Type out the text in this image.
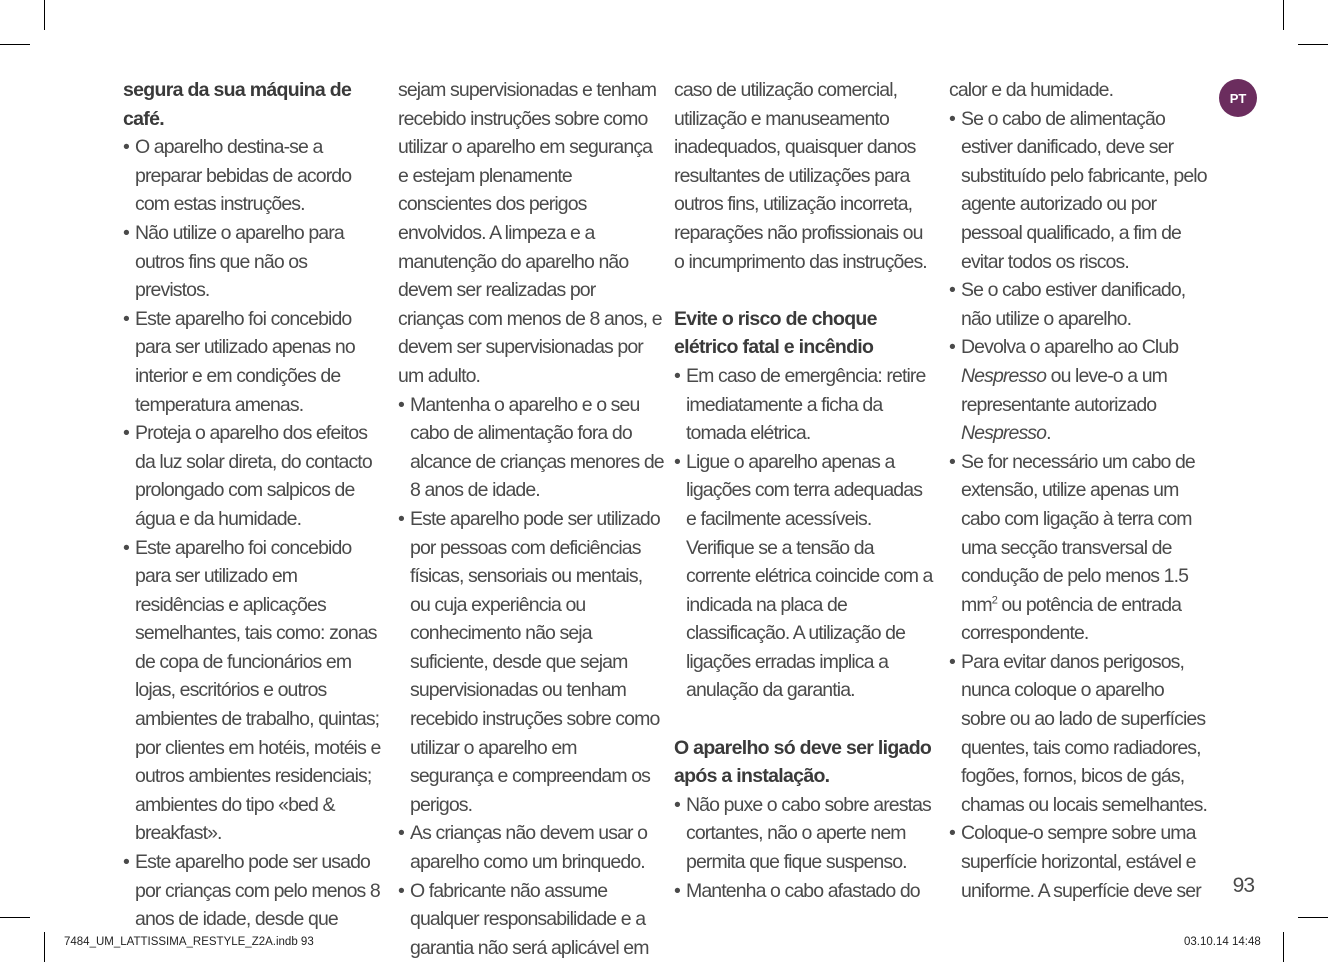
segura da sua máquina de café.

• O aparelho destina-se a preparar bebidas de acordo com estas instruções.

• Não utilize o aparelho para outros fins que não os previstos.

• Este aparelho foi concebido para ser utilizado apenas no interior e em condições de temperatura amenas.

• Proteja o aparelho dos efeitos da luz solar direta, do contacto prolongado com salpicos de água e da humidade.

• Este aparelho foi concebido para ser utilizado em residências e aplicações semelhantes, tais como: zonas de copa de funcionários em lojas, escritórios e outros ambientes de trabalho, quintas; por clientes em hotéis, motéis e outros ambientes residenciais; ambientes do tipo «bed & breakfast».

• Este aparelho pode ser usado por crianças com pelo menos 8 anos de idade, desde que

sejam supervisionadas e tenham recebido instruções sobre como utilizar o aparelho em segurança e estejam plenamente conscientes dos perigos envolvidos. A limpeza e a manutenção do aparelho não devem ser realizadas por crianças com menos de 8 anos, e devem ser supervisionadas por um adulto.

• Mantenha o aparelho e o seu cabo de alimentação fora do alcance de crianças menores de 8 anos de idade.

• Este aparelho pode ser utilizado por pessoas com deficiências físicas, sensoriais ou mentais, ou cuja experiência ou conhecimento não seja suficiente, desde que sejam supervisionadas ou tenham recebido instruções sobre como utilizar o aparelho em segurança e compreendam os perigos.

• As crianças não devem usar o aparelho como um brinquedo.

• O fabricante não assume qualquer responsabilidade e a garantia não será aplicável em

caso de utilização comercial, utilização e manuseamento inadequados, quaisquer danos resultantes de utilizações para outros fins, utilização incorreta, reparações não profissionais ou o incumprimento das instruções.

Evite o risco de choque elétrico fatal e incêndio

• Em caso de emergência: retire imediatamente a ficha da tomada elétrica.

• Ligue o aparelho apenas a ligações com terra adequadas e facilmente acessíveis. Verifique se a tensão da corrente elétrica coincide com a indicada na placa de classificação. A utilização de ligações erradas implica a anulação da garantia.

O aparelho só deve ser ligado após a instalação.

• Não puxe o cabo sobre arestas cortantes, não o aperte nem permita que fique suspenso.

• Mantenha o cabo afastado do

calor e da humidade.

• Se o cabo de alimentação estiver danificado, deve ser substituído pelo fabricante, pelo agente autorizado ou por pessoal qualificado, a fim de evitar todos os riscos.

• Se o cabo estiver danificado, não utilize o aparelho.

• Devolva o aparelho ao Club Nespresso ou leve-o a um representante autorizado Nespresso.

• Se for necessário um cabo de extensão, utilize apenas um cabo com ligação à terra com uma secção transversal de condução de pelo menos 1.5 $mm^2$ ou potência de entrada correspondente.

• Para evitar danos perigosos, nunca coloque o aparelho sobre ou ao lado de superfícies quentes, tais como radiadores, fogões, fornos, bicos de gás, chamas ou locais semelhantes.

• Coloque-o sempre sobre uma superfície horizontal, estável e uniforme. A superfície deve ser

PT
93
7484_UM_LATTISSIMA_RESTYLE_Z2A.indb 93	03.10.14 14:48
